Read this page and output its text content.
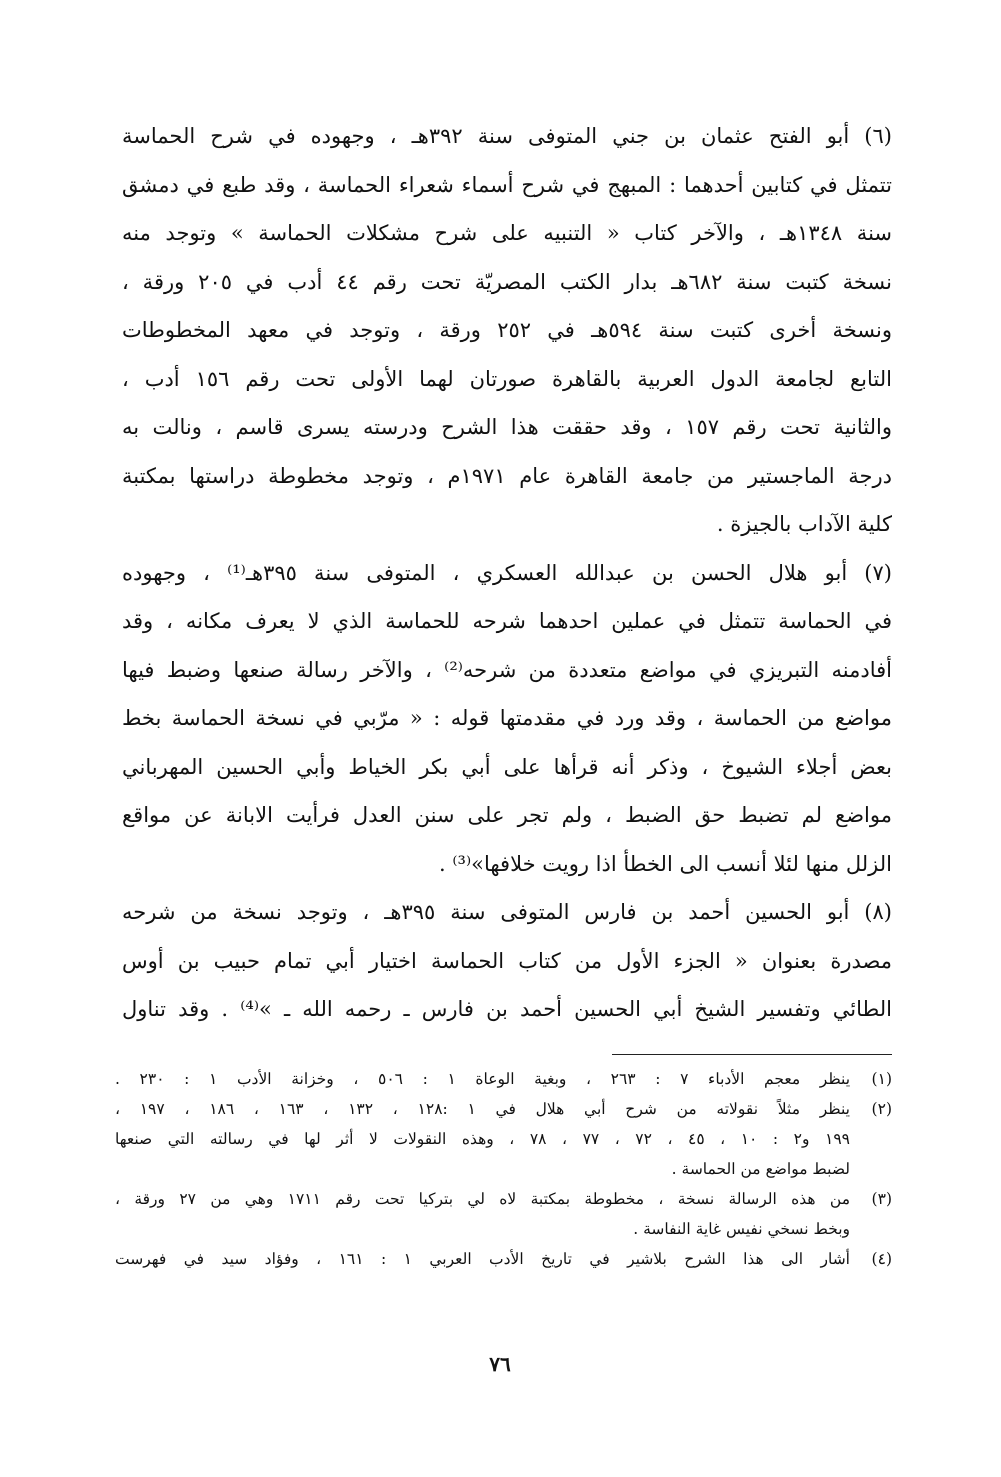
(٦) أبو الفتح عثمان بن جني المتوفى سنة ٣٩٢هـ ، وجهوده في شرح الحماسة
تتمثل في كتابين أحدهما : المبهج في شرح أسماء شعراء الحماسة ، وقد طبع في دمشق
سنة ١٣٤٨هـ ، والآخر كتاب « التنبيه على شرح مشكلات الحماسة » وتوجد منه
نسخة كتبت سنة ٦٨٢هـ بدار الكتب المصريّة تحت رقم ٤٤ أدب في ٢٠٥ ورقة ،
ونسخة أخرى كتبت سنة ٥٩٤هـ في ٢٥٢ ورقة ، وتوجد في معهد المخطوطات
التابع لجامعة الدول العربية بالقاهرة صورتان لهما الأولى تحت رقم ١٥٦ أدب ،
والثانية تحت رقم ١٥٧ ، وقد حققت هذا الشرح ودرسته يسرى قاسم ، ونالت به
درجة الماجستير من جامعة القاهرة عام ١٩٧١م ، وتوجد مخطوطة دراستها بمكتبة
كلية الآداب بالجيزة .
(٧) أبو هلال الحسن بن عبدالله العسكري ، المتوفى سنة ٣٩٥هـ⁽¹⁾ ، وجهوده
في الحماسة تتمثل في عملين احدهما شرحه للحماسة الذي لا يعرف مكانه ، وقد
أفادمنه التبريزي في مواضع متعددة من شرحه⁽²⁾ ، والآخر رسالة صنعها وضبط فيها
مواضع من الحماسة ، وقد ورد في مقدمتها قوله : « مرّبي في نسخة الحماسة بخط
بعض أجلاء الشيوخ ، وذكر أنه قرأها على أبي بكر الخياط وأبي الحسين المهرباني
مواضع لم تضبط حق الضبط ، ولم تجر على سنن العدل فرأيت الابانة عن مواقع
الزلل منها لئلا أنسب الى الخطأ اذا رويت خلافها»⁽³⁾ .
(٨) أبو الحسين أحمد بن فارس المتوفى سنة ٣٩٥هـ ، وتوجد نسخة من شرحه
مصدرة بعنوان « الجزء الأول من كتاب الحماسة اختيار أبي تمام حبيب بن أوس
الطائي وتفسير الشيخ أبي الحسين أحمد بن فارس ـ رحمه الله ـ »⁽⁴⁾ . وقد تناول
(١)
ينظر معجم الأدباء ٧ : ٢٦٣ ، وبغية الوعاة ١ : ٥٠٦ ، وخزانة الأدب ١ : ٢٣٠ .
(٢)
ينظر مثلاً نقولاته من شرح أبي هلال في ١ :١٢٨ ، ١٣٢ ، ١٦٣ ، ١٨٦ ، ١٩٧ ،
١٩٩ و٢ : ١٠ ، ٤٥ ، ٧٢ ، ٧٧ ، ٧٨ ، وهذه النقولات لا أثر لها في رسالته التي صنعها
لضبط مواضع من الحماسة .
(٣)
من هذه الرسالة نسخة ، مخطوطة بمكتبة لاه لي بتركيا تحت رقم ١٧١١ وهي من ٢٧ ورقة ،
وبخط نسخي نفيس غاية النفاسة .
(٤)
أشار الى هذا الشرح بلاشير في تاريخ الأدب العربي ١ : ١٦١ ، وفؤاد سيد في فهرست
٧٦
